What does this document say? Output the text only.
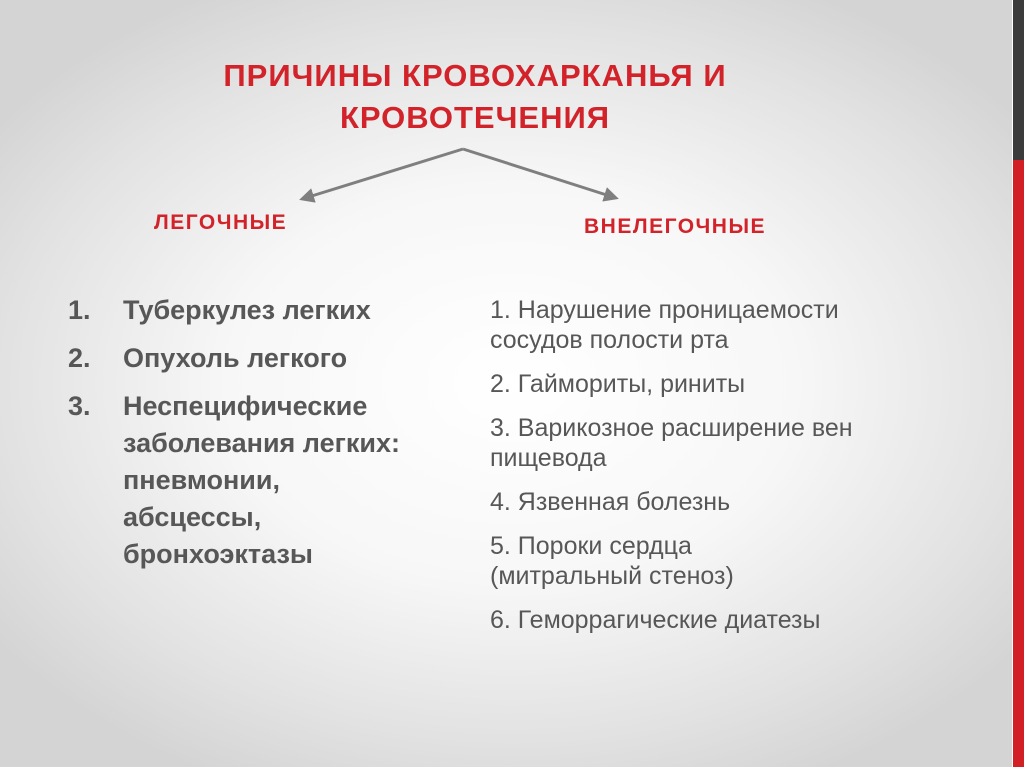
ПРИЧИНЫ КРОВОХАРКАНЬЯ И
КРОВОТЕЧЕНИЯ
ЛЕГОЧНЫЕ	ВНЕЛЕГОЧНЫЕ
1.	Туберкулез легких
2.	Опухоль легкого
3.	Неспецифические заболевания легких: пневмонии, абсцессы, бронхоэктазы
1. Нарушение проницаемости сосудов полости рта
2. Гаймориты, риниты
3. Варикозное расширение вен пищевода
4. Язвенная болезнь
5. Пороки сердца (митральный стеноз)
6. Геморрагические диатезы
